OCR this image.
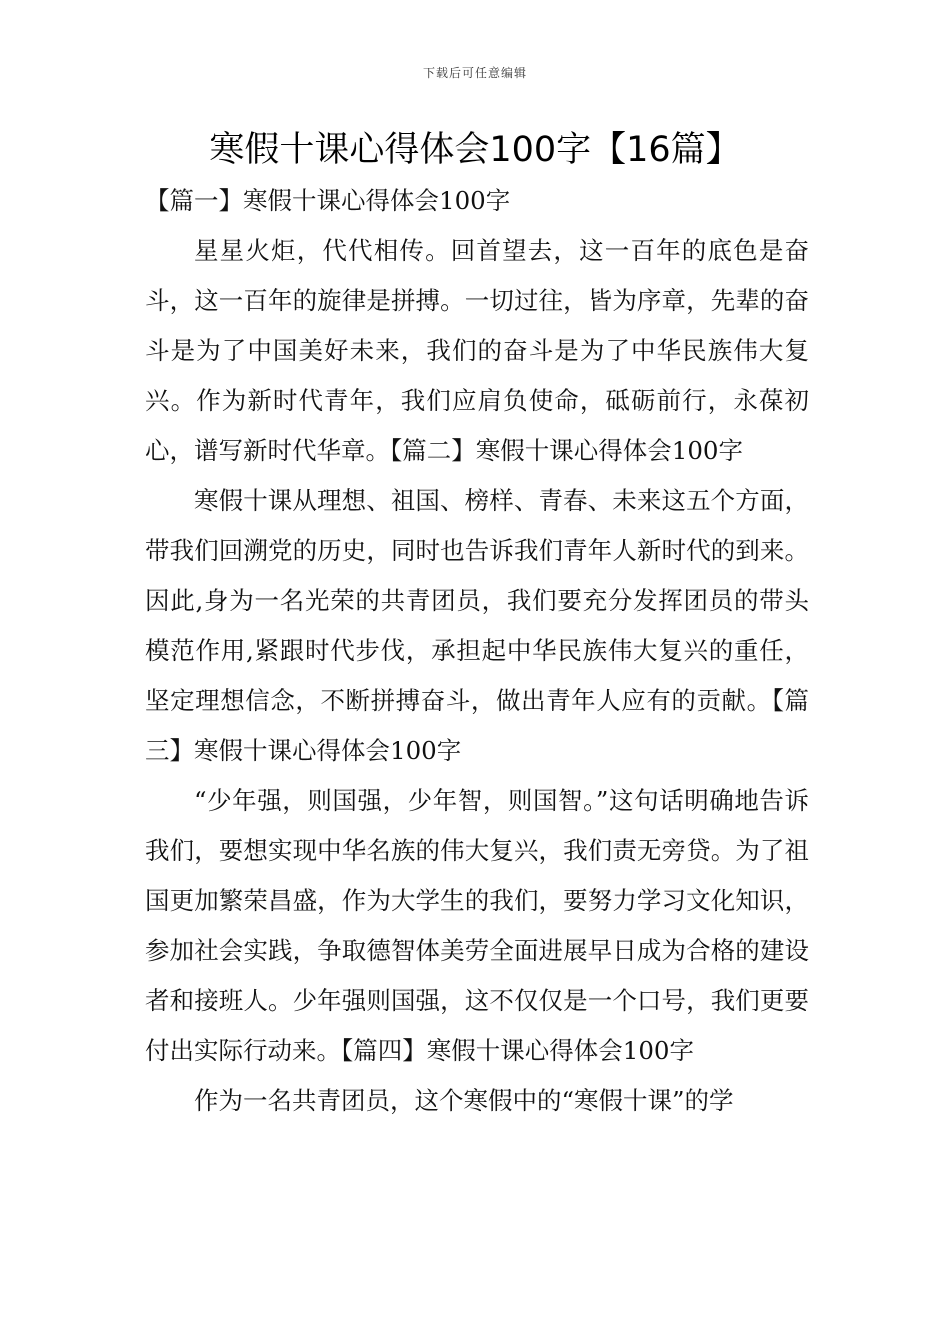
下载后可任意编辑
寒假十课心得体会100字【16篇】

【篇一】寒假十课心得体会100字

星星火炬，代代相传。回首望去，这一百年的底色是奋斗，这一百年的旋律是拼搏。一切过往，皆为序章，先辈的奋斗是为了中国美好未来，我们的奋斗是为了中华民族伟大复兴。作为新时代青年，我们应肩负使命，砥砺前行，永葆初心，谱写新时代华章。【篇二】寒假十课心得体会100字

寒假十课从理想、祖国、榜样、青春、未来这五个方面，带我们回溯党的历史，同时也告诉我们青年人新时代的到来。因此,身为一名光荣的共青团员，我们要充分发挥团员的带头模范作用,紧跟时代步伐，承担起中华民族伟大复兴的重任，坚定理想信念，不断拼搏奋斗，做出青年人应有的贡献。【篇三】寒假十课心得体会100字

“少年强，则国强，少年智，则国智。”这句话明确地告诉我们，要想实现中华名族的伟大复兴，我们责无旁贷。为了祖国更加繁荣昌盛，作为大学生的我们，要努力学习文化知识，参加社会实践，争取德智体美劳全面进展早日成为合格的建设者和接班人。少年强则国强，这不仅仅是一个口号，我们更要付出实际行动来。【篇四】寒假十课心得体会100字

作为一名共青团员，这个寒假中的“寒假十课”的学
